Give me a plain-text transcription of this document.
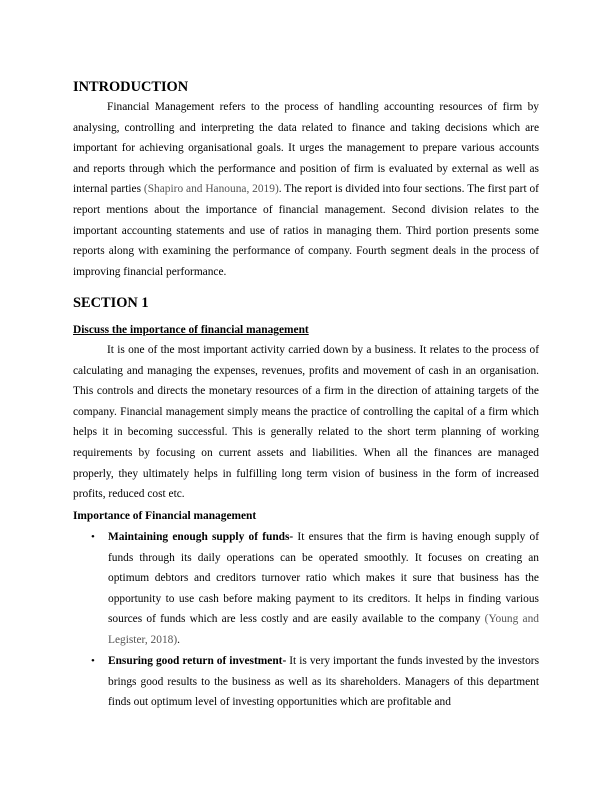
INTRODUCTION
Financial Management refers to the process of handling accounting resources of firm by analysing, controlling and interpreting the data related to finance and taking decisions which are important for achieving organisational goals. It urges the management to prepare various accounts and reports through which the performance and position of firm is evaluated by external as well as internal parties (Shapiro and Hanouna, 2019). The report is divided into four sections. The first part of report mentions about the importance of financial management. Second division relates to the important accounting statements and use of ratios in managing them. Third portion presents some reports along with examining the performance of company. Fourth segment deals in the process of improving financial performance.
SECTION 1
Discuss the importance of financial management
It is one of the most important activity carried down by a business. It relates to the process of calculating and managing the expenses, revenues, profits and movement of cash in an organisation. This controls and directs the monetary resources of a firm in the direction of attaining targets of the company. Financial management simply means the practice of controlling the capital of a firm which helps it in becoming successful. This is generally related to the short term planning of working requirements by focusing on current assets and liabilities. When all the finances are managed properly, they ultimately helps in fulfilling long term vision of business in the form of increased profits, reduced cost etc.
Importance of Financial management
• Maintaining enough supply of funds- It ensures that the firm is having enough supply of funds through its daily operations can be operated smoothly. It focuses on creating an optimum debtors and creditors turnover ratio which makes it sure that business has the opportunity to use cash before making payment to its creditors. It helps in finding various sources of funds which are less costly and are easily available to the company (Young and Legister, 2018).
• Ensuring good return of investment- It is very important the funds invested by the investors brings good results to the business as well as its shareholders. Managers of this department finds out optimum level of investing opportunities which are profitable and
